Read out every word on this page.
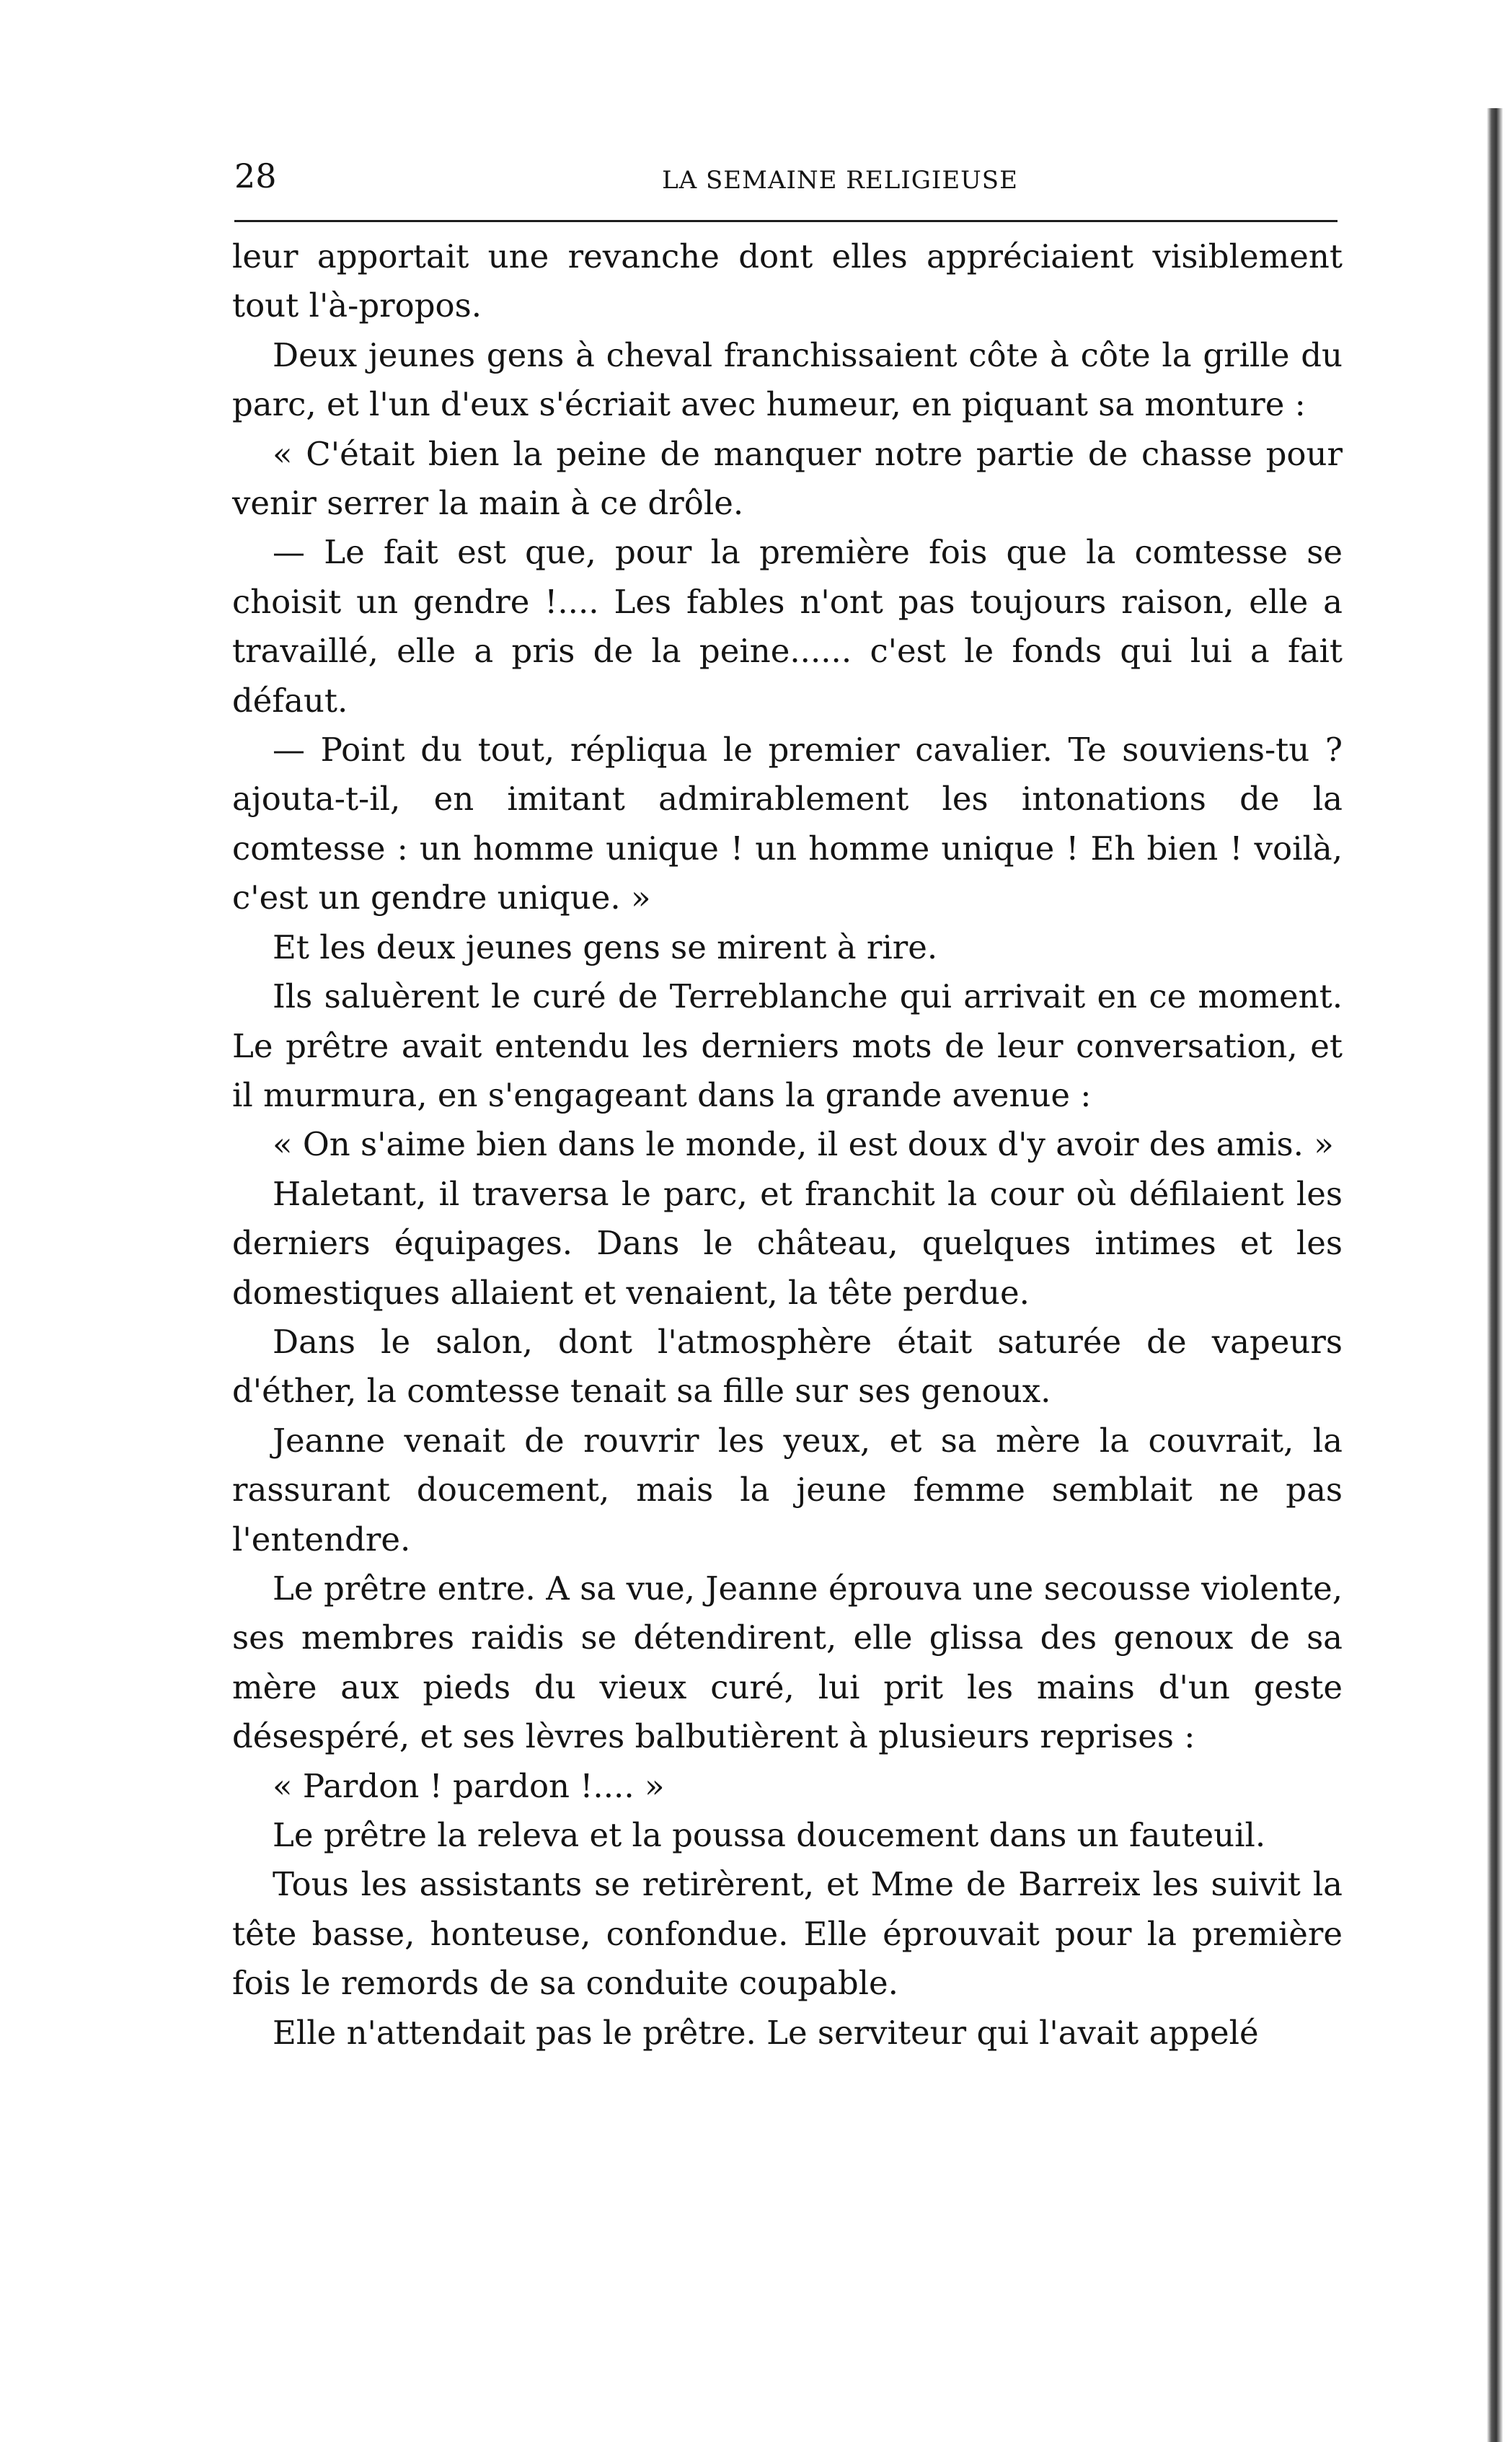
28	LA SEMAINE RELIGIEUSE

leur apportait une revanche dont elles appréciaient visiblement tout l'à-propos.

Deux jeunes gens à cheval franchissaient côte à côte la grille du parc, et l'un d'eux s'écriait avec humeur, en piquant sa monture :

« C'était bien la peine de manquer notre partie de chasse pour venir serrer la main à ce drôle.

— Le fait est que, pour la première fois que la comtesse se choisit un gendre !.... Les fables n'ont pas toujours raison, elle a travaillé, elle a pris de la peine...... c'est le fonds qui lui a fait défaut.

— Point du tout, répliqua le premier cavalier. Te souviens-tu ? ajouta-t-il, en imitant admirablement les intonations de la comtesse : un homme unique ! un homme unique ! Eh bien ! voilà, c'est un gendre unique. »

Et les deux jeunes gens se mirent à rire.

Ils saluèrent le curé de Terreblanche qui arrivait en ce moment. Le prêtre avait entendu les derniers mots de leur conversation, et il murmura, en s'engageant dans la grande avenue :

« On s'aime bien dans le monde, il est doux d'y avoir des amis. »

Haletant, il traversa le parc, et franchit la cour où défilaient les derniers équipages. Dans le château, quelques intimes et les domestiques allaient et venaient, la tête perdue.

Dans le salon, dont l'atmosphère était saturée de vapeurs d'éther, la comtesse tenait sa fille sur ses genoux.

Jeanne venait de rouvrir les yeux, et sa mère la couvrait, la rassurant doucement, mais la jeune femme semblait ne pas l'entendre.

Le prêtre entre. A sa vue, Jeanne éprouva une secousse violente, ses membres raidis se détendirent, elle glissa des genoux de sa mère aux pieds du vieux curé, lui prit les mains d'un geste désespéré, et ses lèvres balbutièrent à plusieurs reprises :

« Pardon ! pardon !.... »

Le prêtre la releva et la poussa doucement dans un fauteuil.

Tous les assistants se retirèrent, et Mme de Barreix les suivit la tête basse, honteuse, confondue. Elle éprouvait pour la première fois le remords de sa conduite coupable.

Elle n'attendait pas le prêtre. Le serviteur qui l'avait appelé
